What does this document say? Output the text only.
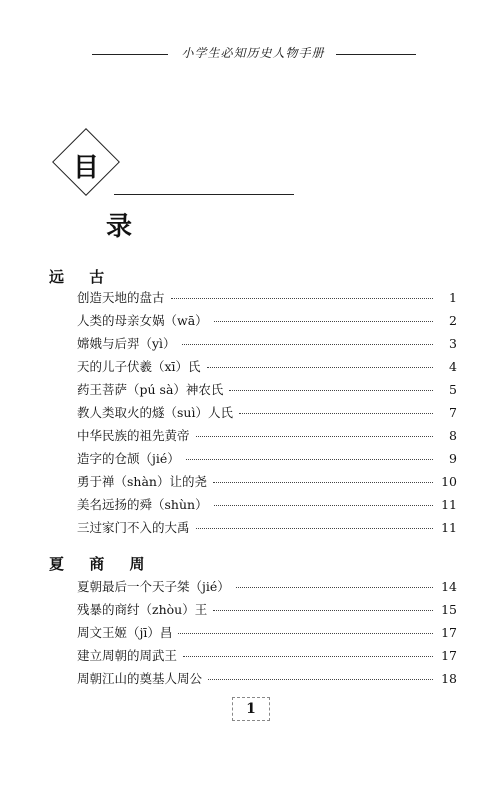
小学生必知历史人物手册
目
录
远 古
创造天地的盘古	1
人类的母亲女娲（wā）	2
嫦娥与后羿（yì）	3
天的儿子伏羲（xī）氏	4
药王菩萨（pú sà）神农氏	5
教人类取火的燧（suì）人氏	7
中华民族的祖先黄帝	8
造字的仓颉（jié）	9
勇于禅（shàn）让的尧	10
美名远扬的舜（shùn）	11
三过家门不入的大禹	11
夏 商 周
夏朝最后一个天子桀（jié）	14
残暴的商纣（zhòu）王	15
周文王姬（jī）昌	17
建立周朝的周武王	17
周朝江山的奠基人周公	18
1
